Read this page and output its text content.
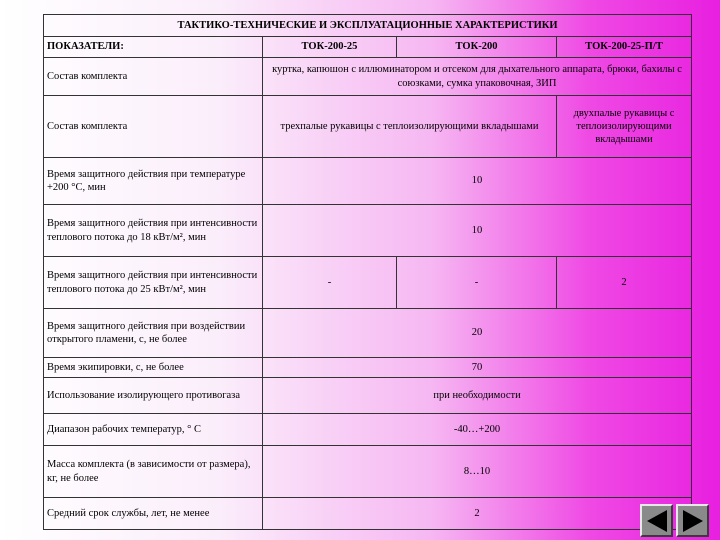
ТАКТИКО-ТЕХНИЧЕСКИЕ И ЭКСПЛУАТАЦИОННЫЕ ХАРАКТЕРИСТИКИ			
ПОКАЗАТЕЛИ:	ТОК-200-25	ТОК-200	ТОК-200-25-П/Т
Состав комплекта	куртка, капюшон с иллюминатором и отсеком для дыхательного аппарата, брюки, бахилы с союзками, сумка упаковочная, ЗИП		
Состав комплекта	трехпалые рукавицы с теплоизолирующими вкладышами		двухпалые рукавицы с теплоизолирующими вкладышами
Время защитного действия при температуре +200 °С, мин	10		
Время защитного действия при интенсивности теплового потока до 18 кВт/м², мин	10		
Время защитного действия при интенсивности теплового потока до 25 кВт/м², мин	-	-	2
Время защитного действия при воздействии открытого пламени, с, не более	20		
Время экипировки, с, не более	70		
Использование изолирующего противогаза	при необходимости		
Диапазон рабочих температур, ° С	-40…+200		
Масса комплекта (в зависимости от размера), кг, не более	8…10		
Средний срок службы, лет, не менее	2		
